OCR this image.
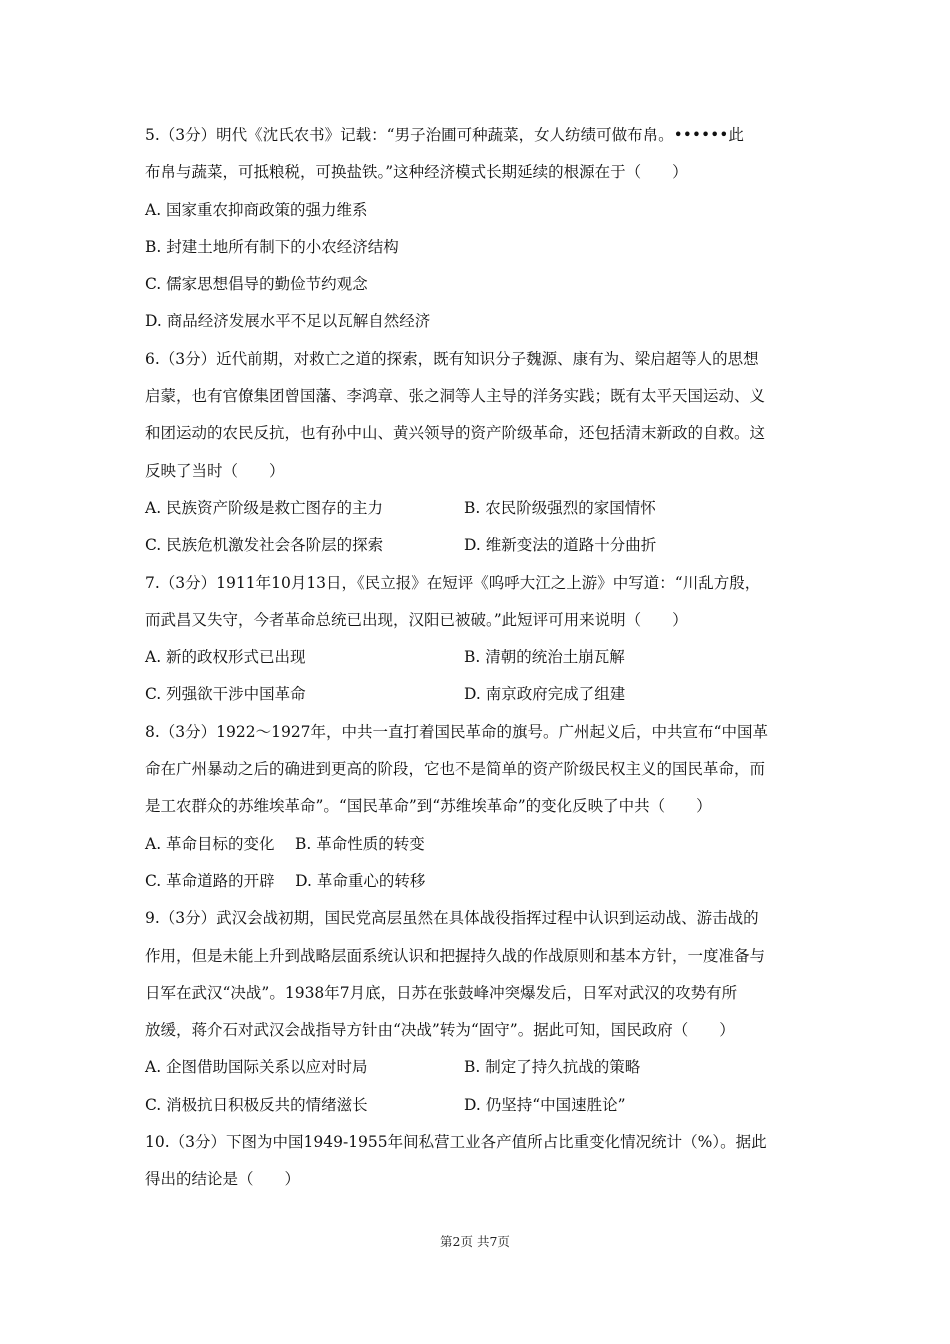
5.（3分）明代《沈氏农书》记载：“男子治圃可种蔬菜，女人纺绩可做布帛。••••••此
布帛与蔬菜，可抵粮税，可换盐铁。”这种经济模式长期延续的根源在于（　　）
A. 国家重农抑商政策的强力维系
B. 封建土地所有制下的小农经济结构
C. 儒家思想倡导的勤俭节约观念
D. 商品经济发展水平不足以瓦解自然经济
6.（3分）近代前期，对救亡之道的探索，既有知识分子魏源、康有为、梁启超等人的思想
启蒙，也有官僚集团曾国藩、李鸿章、张之洞等人主导的洋务实践；既有太平天国运动、义
和团运动的农民反抗，也有孙中山、黄兴领导的资产阶级革命，还包括清末新政的自救。这
反映了当时（　　）
A. 民族资产阶级是救亡图存的主力	B. 农民阶级强烈的家国情怀
C. 民族危机激发社会各阶层的探索	D. 维新变法的道路十分曲折
7.（3分）1911年10月13日，《民立报》在短评《呜呼大江之上游》中写道：“川乱方殷，
而武昌又失守，今者革命总统已出现，汉阳已被破。”此短评可用来说明（　　）
A. 新的政权形式已出现	B. 清朝的统治土崩瓦解
C. 列强欲干涉中国革命	D. 南京政府完成了组建
8.（3分）1922～1927年，中共一直打着国民革命的旗号。广州起义后，中共宣布“中国革
命在广州暴动之后的确进到更高的阶段，它也不是简单的资产阶级民权主义的国民革命，而
是工农群众的苏维埃革命”。“国民革命”到“苏维埃革命”的变化反映了中共（　　）
A. 革命目标的变化　 B. 革命性质的转变
C. 革命道路的开辟　 D. 革命重心的转移
9.（3分）武汉会战初期，国民党高层虽然在具体战役指挥过程中认识到运动战、游击战的
作用，但是未能上升到战略层面系统认识和把握持久战的作战原则和基本方针，一度准备与
日军在武汉“决战”。1938年7月底，日苏在张鼓峰冲突爆发后，日军对武汉的攻势有所
放缓，蒋介石对武汉会战指导方针由“决战”转为“固守”。据此可知，国民政府（　　）
A. 企图借助国际关系以应对时局	B. 制定了持久抗战的策略
C. 消极抗日积极反共的情绪滋长	D. 仍坚持“中国速胜论”
10.（3分）下图为中国1949-1955年间私营工业各产值所占比重变化情况统计（%）。据此
得出的结论是（　　）
第2页 共7页
